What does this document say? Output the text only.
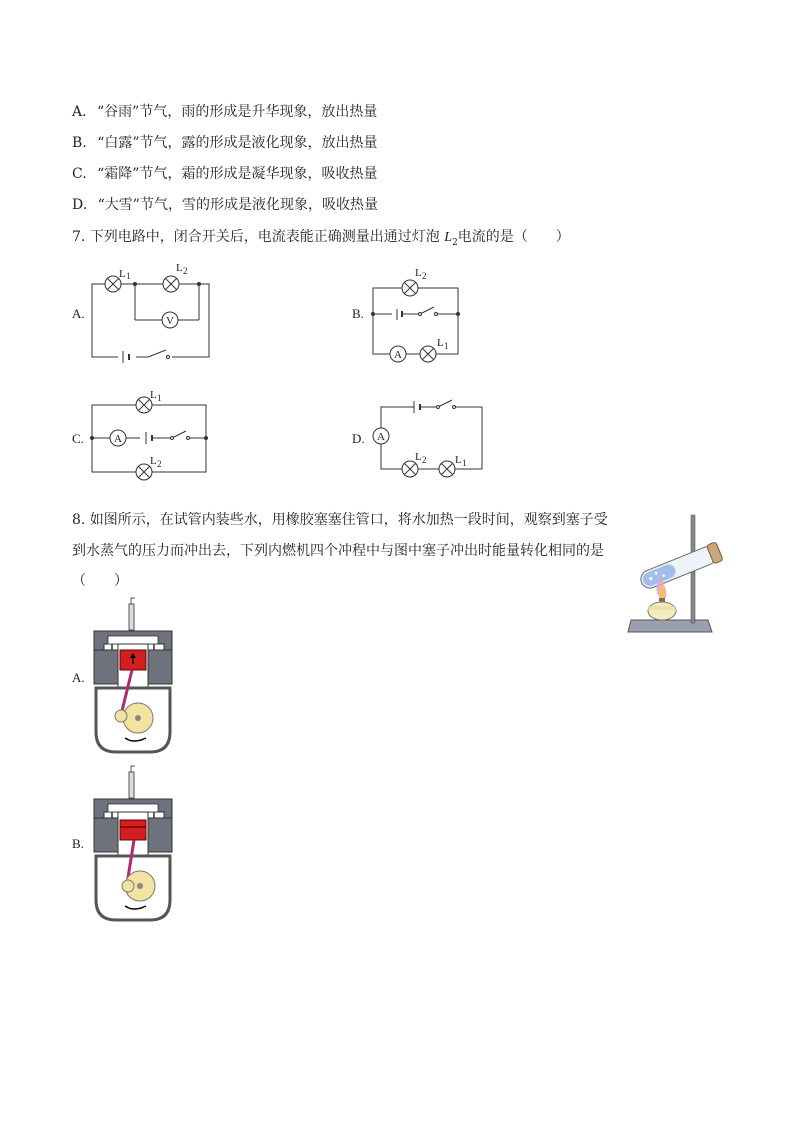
A. “谷雨”节气，雨的形成是升华现象，放出热量
B. “白露”节气，露的形成是液化现象，放出热量
C. “霜降”节气，霜的形成是凝华现象，吸收热量
D. “大雪”节气，雪的形成是液化现象，吸收热量
7. 下列电路中，闭合开关后，电流表能正确测量出通过灯泡 $L_2$电流的是（　　）
A.	B.
C.	D.
L 1
L 2
V
L 2
A
L 1
L 1
A
L 2
A
L 2	L 1
8. 如图所示，在试管内装些水，用橡胶塞塞住管口，将水加热一段时间，观察到塞子受
到水蒸气的压力而冲出去，下列内燃机四个冲程中与图中塞子冲出时能量转化相同的是
（　　）
A.
B.
